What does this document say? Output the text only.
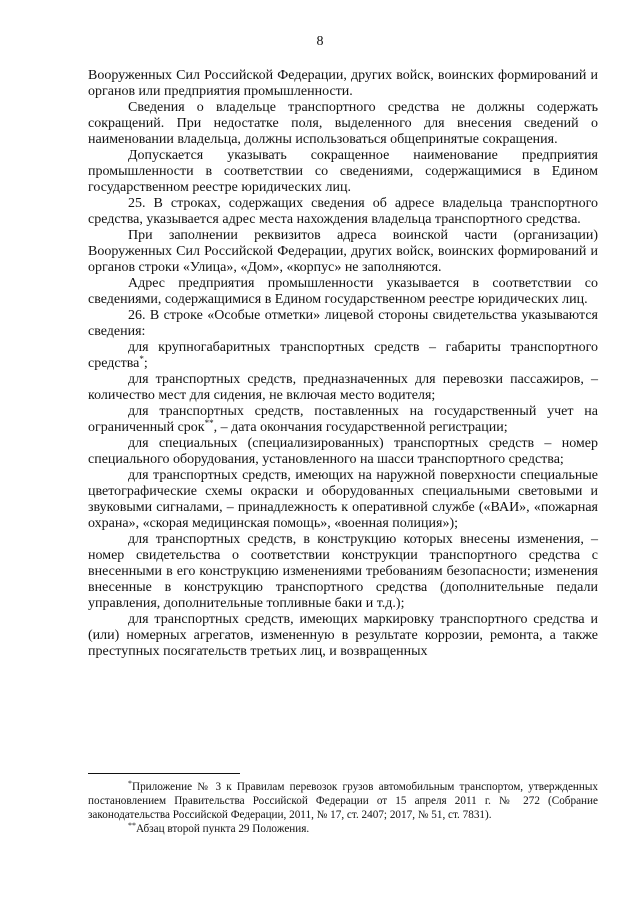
8

Вооруженных Сил Российской Федерации, других войск, воинских формирований и органов или предприятия промышленности.

Сведения о владельце транспортного средства не должны содержать сокращений. При недостатке поля, выделенного для внесения сведений о наименовании владельца, должны использоваться общепринятые сокращения.

Допускается указывать сокращенное наименование предприятия промышленности в соответствии со сведениями, содержащимися в Едином государственном реестре юридических лиц.

25. В строках, содержащих сведения об адресе владельца транспортного средства, указывается адрес места нахождения владельца транспортного средства.

При заполнении реквизитов адреса воинской части (организации) Вооруженных Сил Российской Федерации, других войск, воинских формирований и органов строки «Улица», «Дом», «корпус» не заполняются.

Адрес предприятия промышленности указывается в соответствии со сведениями, содержащимися в Едином государственном реестре юридических лиц.

26. В строке «Особые отметки» лицевой стороны свидетельства указываются сведения:

для крупногабаритных транспортных средств – габариты транспортного средства*;

для транспортных средств, предназначенных для перевозки пассажиров, – количество мест для сидения, не включая место водителя;

для транспортных средств, поставленных на государственный учет на ограниченный срок**, – дата окончания государственной регистрации;

для специальных (специализированных) транспортных средств – номер специального оборудования, установленного на шасси транспортного средства;

для транспортных средств, имеющих на наружной поверхности специальные цветографические схемы окраски и оборудованных специальными световыми и звуковыми сигналами, – принадлежность к оперативной службе («ВАИ», «пожарная охрана», «скорая медицинская помощь», «военная полиция»);

для транспортных средств, в конструкцию которых внесены изменения, – номер свидетельства о соответствии конструкции транспортного средства с внесенными в его конструкцию изменениями требованиям безопасности; изменения внесенные в конструкцию транспортного средства (дополнительные педали управления, дополнительные топливные баки и т.д.);

для транспортных средств, имеющих маркировку транспортного средства и (или) номерных агрегатов, измененную в результате коррозии, ремонта, а также преступных посягательств третьих лиц, и возвращенных

*Приложение № 3 к Правилам перевозок грузов автомобильным транспортом, утвержденных постановлением Правительства Российской Федерации от 15 апреля 2011 г. № 272 (Собрание законодательства Российской Федерации, 2011, № 17, ст. 2407; 2017, № 51, ст. 7831).

**Абзац второй пункта 29 Положения.
